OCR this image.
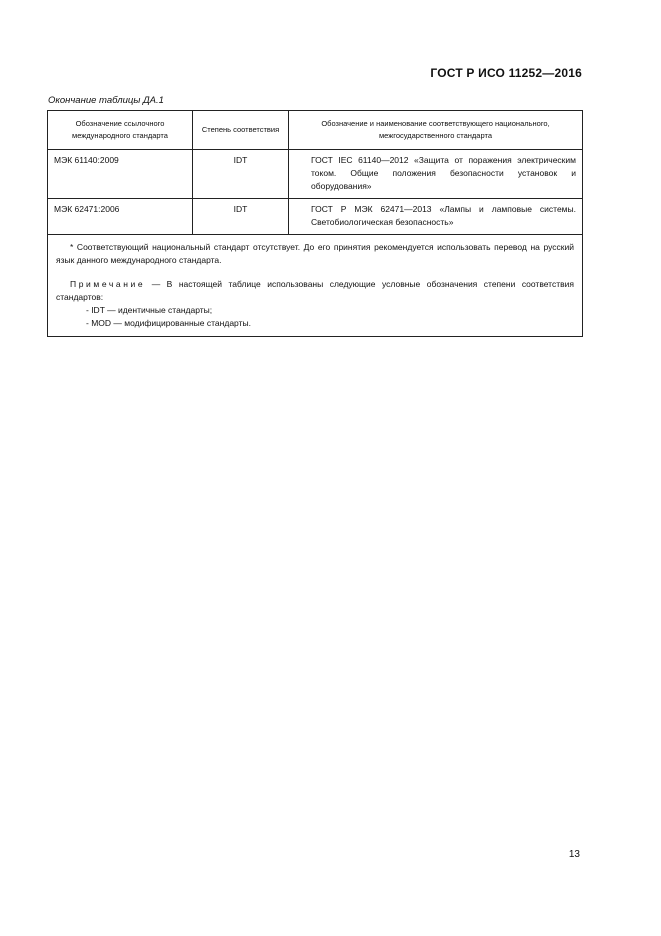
ГОСТ Р ИСО 11252—2016
Окончание таблицы ДА.1
Обозначение ссылочного международного стандарта	Степень соответствия	Обозначение и наименование соответствующего национального, межгосударственного стандарта
МЭК 61140:2009	IDT	ГОСТ IEC 61140—2012 «Защита от поражения электрическим током. Общие положения безопасности установок и оборудования»
МЭК 62471:2006	IDT	ГОСТ Р МЭК 62471—2013 «Лампы и ламповые системы. Светобиологическая безопасность»

* Соответствующий национальный стандарт отсутствует. До его принятия рекомендуется использовать перевод на русский язык данного международного стандарта.

Примечание — В настоящей таблице использованы следующие условные обозначения степени соответствия стандартов:

- IDT — идентичные стандарты;

- MOD — модифицированные стандарты.		

13
